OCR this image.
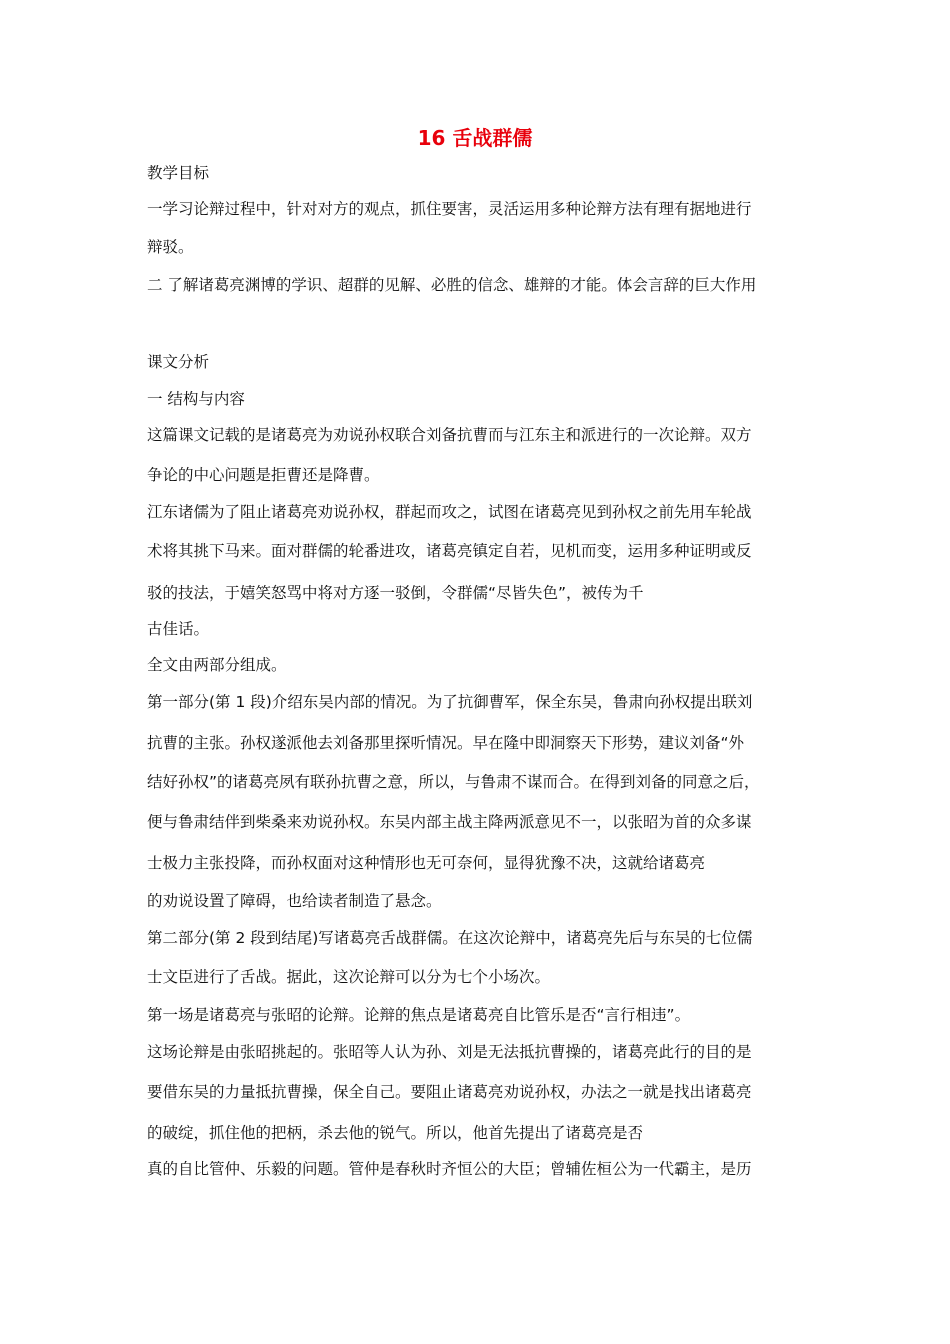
16 舌战群儒
教学目标
一学习论辩过程中，针对对方的观点，抓住要害，灵活运用多种论辩方法有理有据地进行
辩驳。
二 了解诸葛亮渊博的学识、超群的见解、必胜的信念、雄辩的才能。体会言辞的巨大作用
课文分析
一 结构与内容
这篇课文记载的是诸葛亮为劝说孙权联合刘备抗曹而与江东主和派进行的一次论辩。双方
争论的中心问题是拒曹还是降曹。
江东诸儒为了阻止诸葛亮劝说孙权，群起而攻之，试图在诸葛亮见到孙权之前先用车轮战
术将其挑下马来。面对群儒的轮番进攻，诸葛亮镇定自若，见机而变，运用多种证明或反
驳的技法，于嬉笑怒骂中将对方逐一驳倒，令群儒“尽皆失色”，被传为千
古佳话。
全文由两部分组成。
第一部分(第 1 段)介绍东吴内部的情况。为了抗御曹军，保全东吴，鲁肃向孙权提出联刘
抗曹的主张。孙权遂派他去刘备那里探听情况。早在隆中即洞察天下形势，建议刘备“外
结好孙权”的诸葛亮夙有联孙抗曹之意，所以，与鲁肃不谋而合。在得到刘备的同意之后，
便与鲁肃结伴到柴桑来劝说孙权。东吴内部主战主降两派意见不一，以张昭为首的众多谋
士极力主张投降，而孙权面对这种情形也无可奈何，显得犹豫不决，这就给诸葛亮
的劝说设置了障碍，也给读者制造了悬念。
第二部分(第 2 段到结尾)写诸葛亮舌战群儒。在这次论辩中，诸葛亮先后与东吴的七位儒
士文臣进行了舌战。据此，这次论辩可以分为七个小场次。
第一场是诸葛亮与张昭的论辩。论辩的焦点是诸葛亮自比管乐是否“言行相违”。
这场论辩是由张昭挑起的。张昭等人认为孙、刘是无法抵抗曹操的，诸葛亮此行的目的是
要借东吴的力量抵抗曹操，保全自己。要阻止诸葛亮劝说孙权，办法之一就是找出诸葛亮
的破绽，抓住他的把柄，杀去他的锐气。所以，他首先提出了诸葛亮是否
真的自比管仲、乐毅的问题。管仲是春秋时齐恒公的大臣；曾辅佐桓公为一代霸主，是历
